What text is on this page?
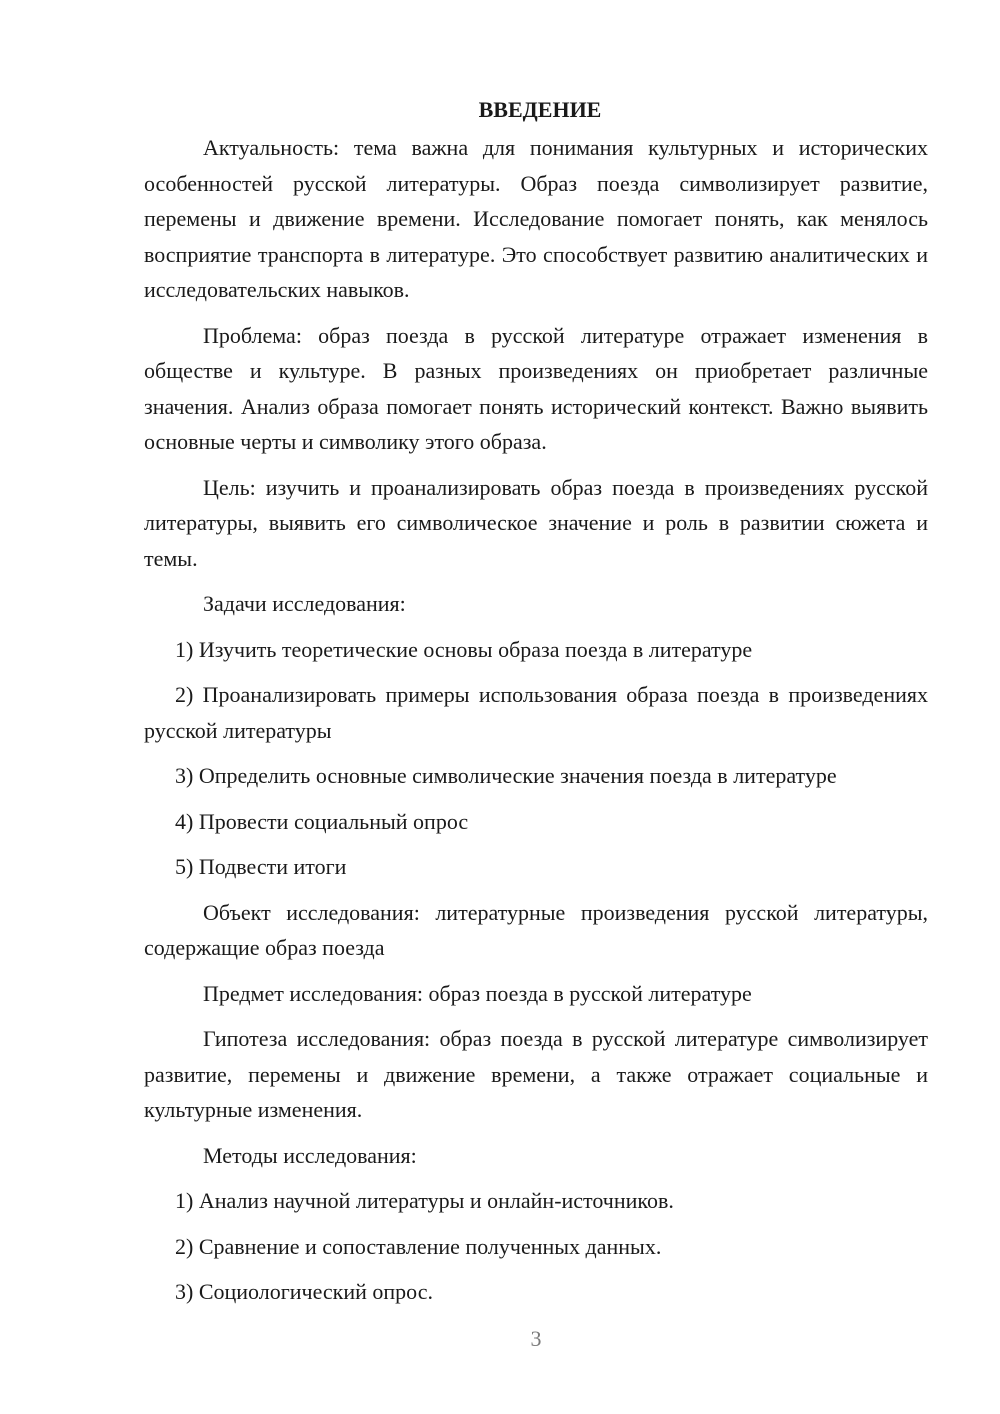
ВВЕДЕНИЕ

Актуальность: тема важна для понимания культурных и исторических особенностей русской литературы. Образ поезда символизирует развитие, перемены и движение времени. Исследование помогает понять, как менялось восприятие транспорта в литературе. Это способствует развитию аналитических и исследовательских навыков.

Проблема: образ поезда в русской литературе отражает изменения в обществе и культуре. В разных произведениях он приобретает различные значения. Анализ образа помогает понять исторический контекст. Важно выявить основные черты и символику этого образа.

Цель: изучить и проанализировать образ поезда в произведениях русской литературы, выявить его символическое значение и роль в развитии сюжета и темы.

Задачи исследования:

1) Изучить теоретические основы образа поезда в литературе

2) Проанализировать примеры использования образа поезда в произведениях русской литературы

3) Определить основные символические значения поезда в литературе

4) Провести социальный опрос

5) Подвести итоги

Объект исследования: литературные произведения русской литературы, содержащие образ поезда

Предмет исследования: образ поезда в русской литературе

Гипотеза исследования: образ поезда в русской литературе символизирует развитие, перемены и движение времени, а также отражает социальные и культурные изменения.

Методы исследования:

1) Анализ научной литературы и онлайн-источников.

2) Сравнение и сопоставление полученных данных.

3) Социологический опрос.

3
